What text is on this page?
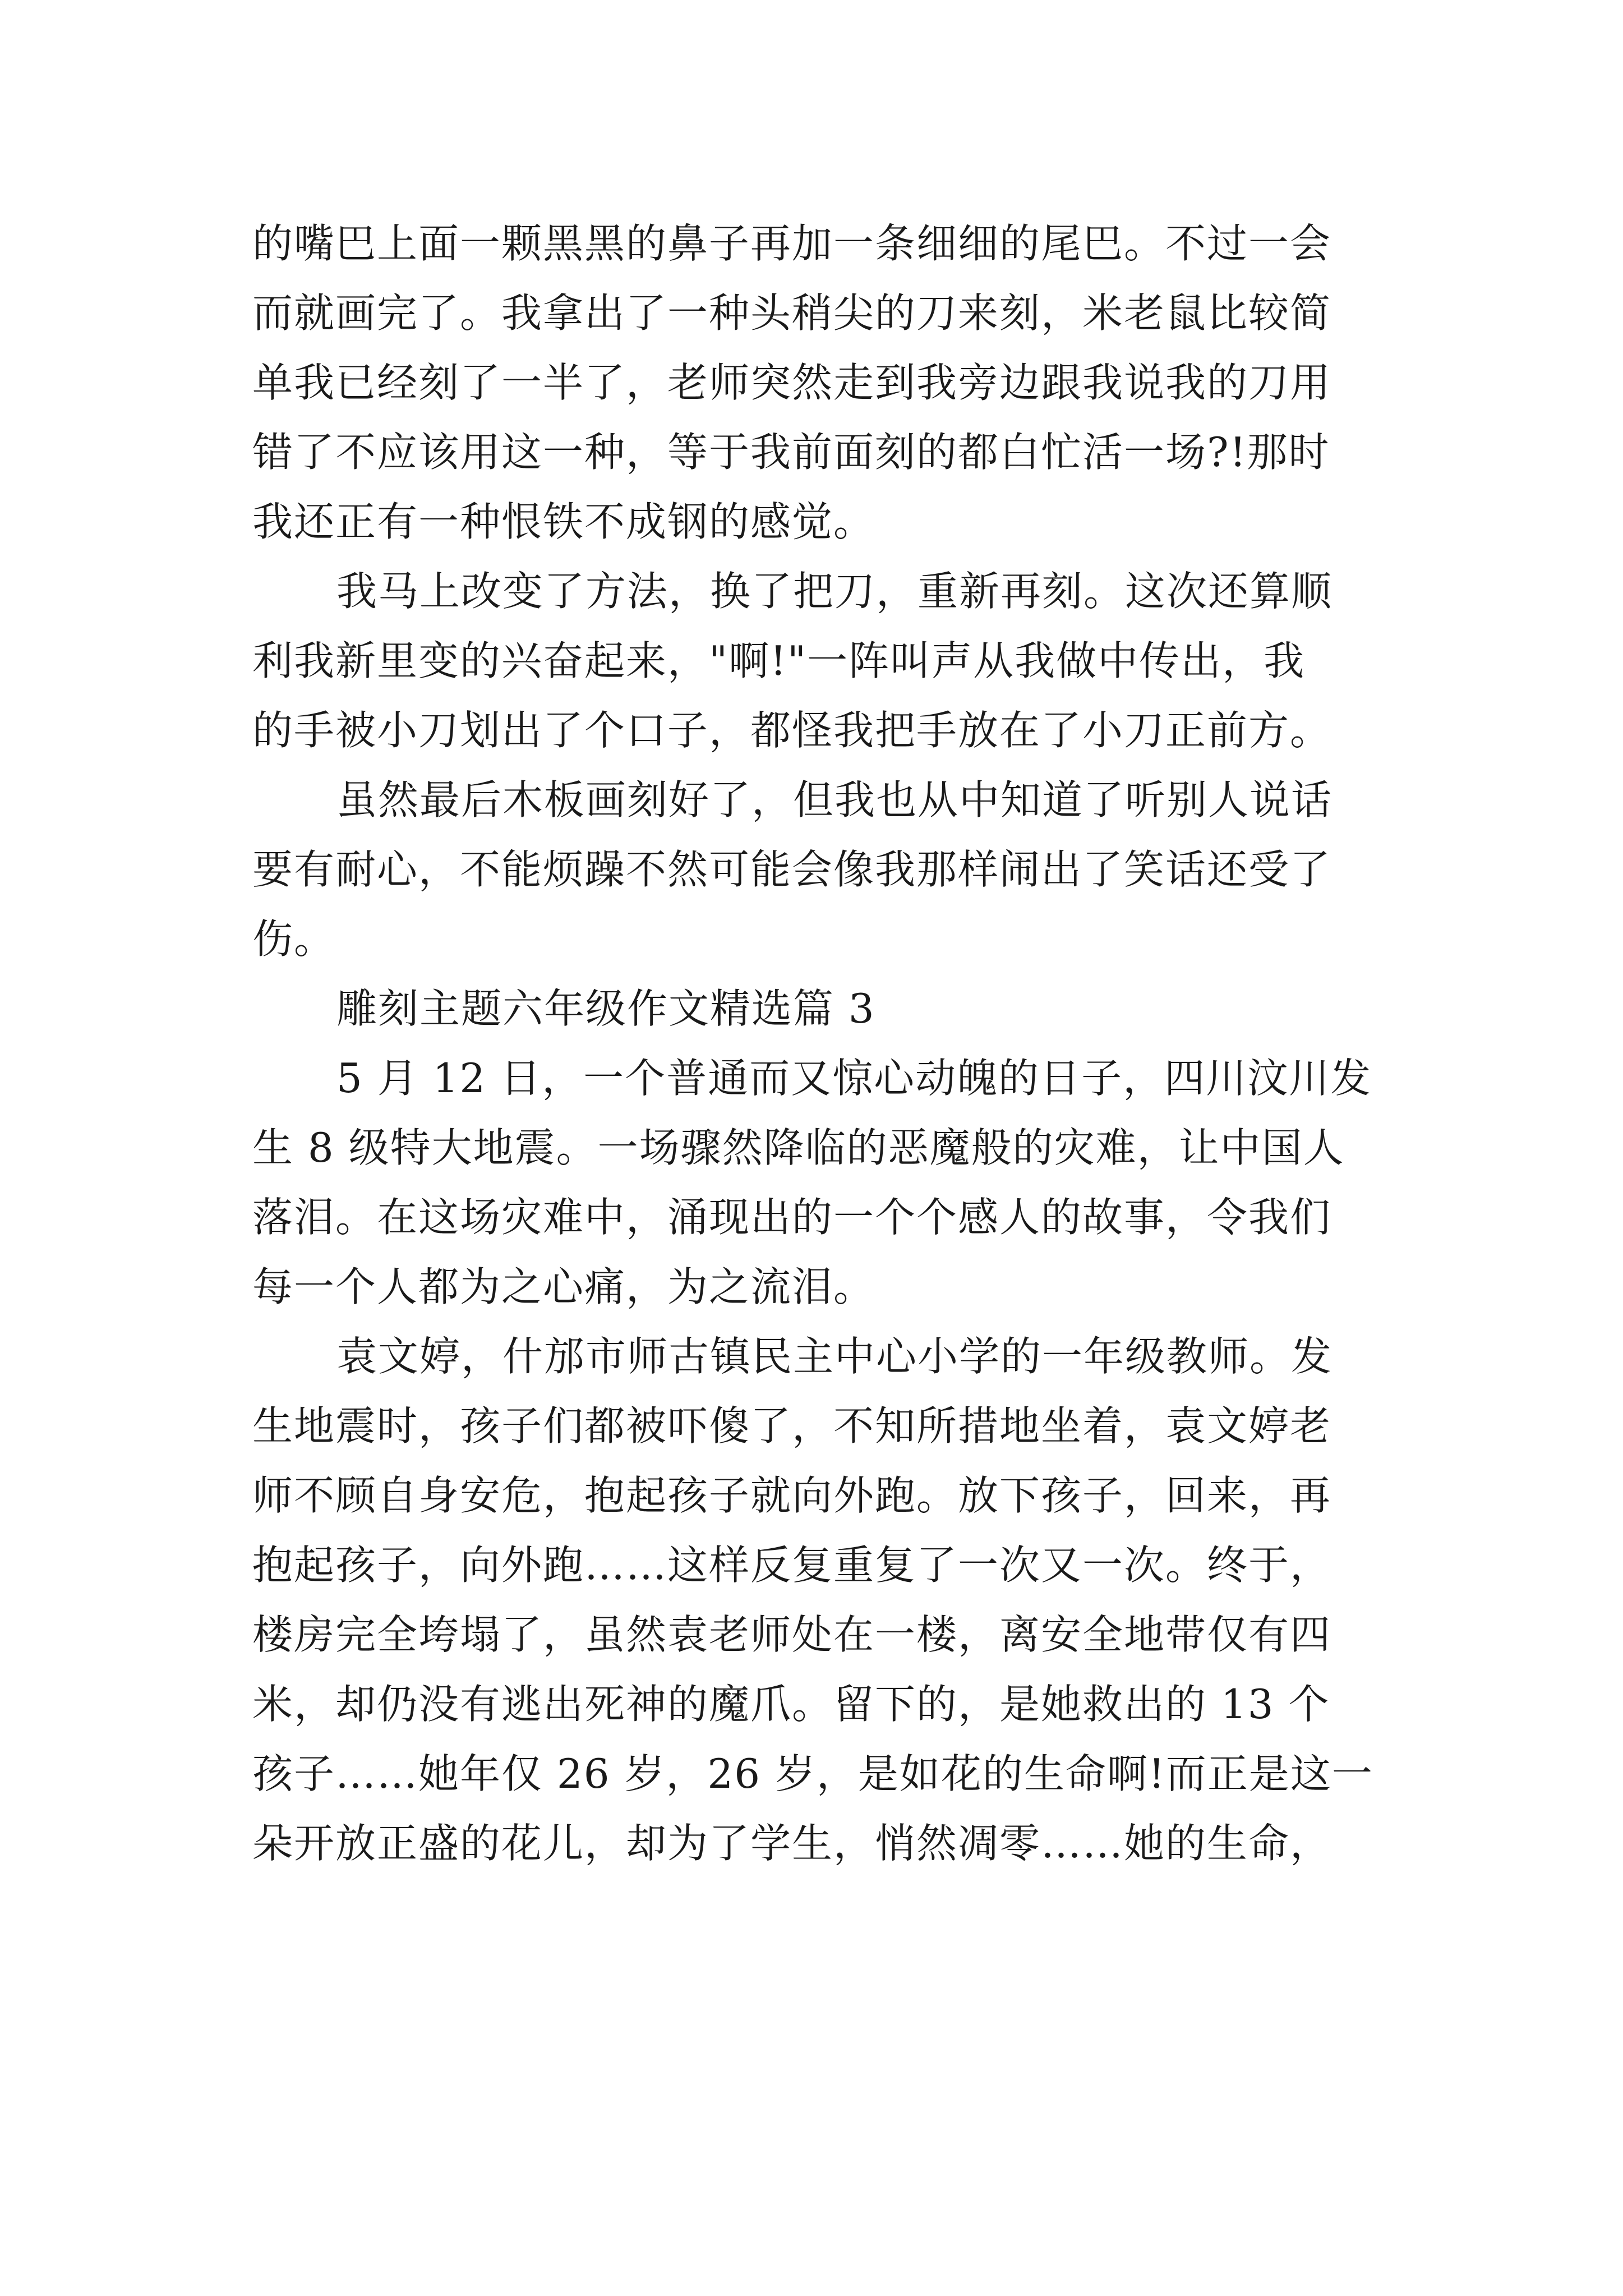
的嘴巴上面一颗黑黑的鼻子再加一条细细的尾巴。不过一会
而就画完了。我拿出了一种头稍尖的刀来刻，米老鼠比较简
单我已经刻了一半了，老师突然走到我旁边跟我说我的刀用
错了不应该用这一种，等于我前面刻的都白忙活一场?!那时
我还正有一种恨铁不成钢的感觉。
我马上改变了方法，换了把刀，重新再刻。这次还算顺
利我新里变的兴奋起来，"啊!"一阵叫声从我做中传出，我
的手被小刀划出了个口子，都怪我把手放在了小刀正前方。
虽然最后木板画刻好了，但我也从中知道了听别人说话
要有耐心，不能烦躁不然可能会像我那样闹出了笑话还受了
伤。
雕刻主题六年级作文精选篇 3
5 月 12 日，一个普通而又惊心动魄的日子，四川汶川发
生 8 级特大地震。一场骤然降临的恶魔般的灾难，让中国人
落泪。在这场灾难中，涌现出的一个个感人的故事，令我们
每一个人都为之心痛，为之流泪。
袁文婷，什邡市师古镇民主中心小学的一年级教师。发
生地震时，孩子们都被吓傻了，不知所措地坐着，袁文婷老
师不顾自身安危，抱起孩子就向外跑。放下孩子，回来，再
抱起孩子，向外跑……这样反复重复了一次又一次。终于，
楼房完全垮塌了，虽然袁老师处在一楼，离安全地带仅有四
米，却仍没有逃出死神的魔爪。留下的，是她救出的 13 个
孩子……她年仅 26 岁，26 岁，是如花的生命啊!而正是这一
朵开放正盛的花儿，却为了学生，悄然凋零……她的生命，
